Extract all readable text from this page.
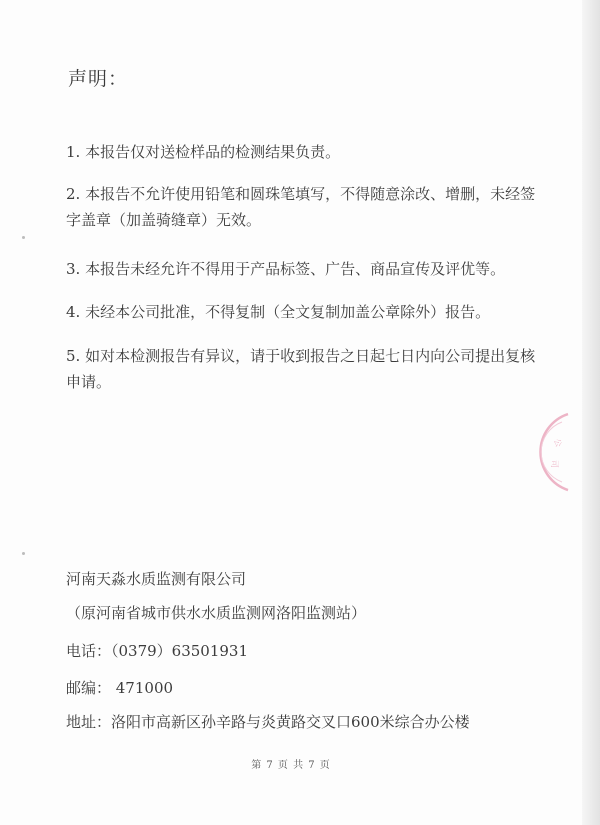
声明：
1. 本报告仅对送检样品的检测结果负责。
2. 本报告不允许使用铅笔和圆珠笔填写，不得随意涂改、增删，未经签字盖章（加盖骑缝章）无效。
3. 本报告未经允许不得用于产品标签、广告、商品宣传及评优等。
4. 未经本公司批准，不得复制（全文复制加盖公章除外）报告。
5. 如对本检测报告有异议，请于收到报告之日起七日内向公司提出复核申请。
公
司
河南天淼水质监测有限公司
（原河南省城市供水水质监测网洛阳监测站）
电话：（0379）63501931
邮编： 471000
地址：洛阳市高新区孙辛路与炎黄路交叉口600米综合办公楼
第 7 页 共 7 页
